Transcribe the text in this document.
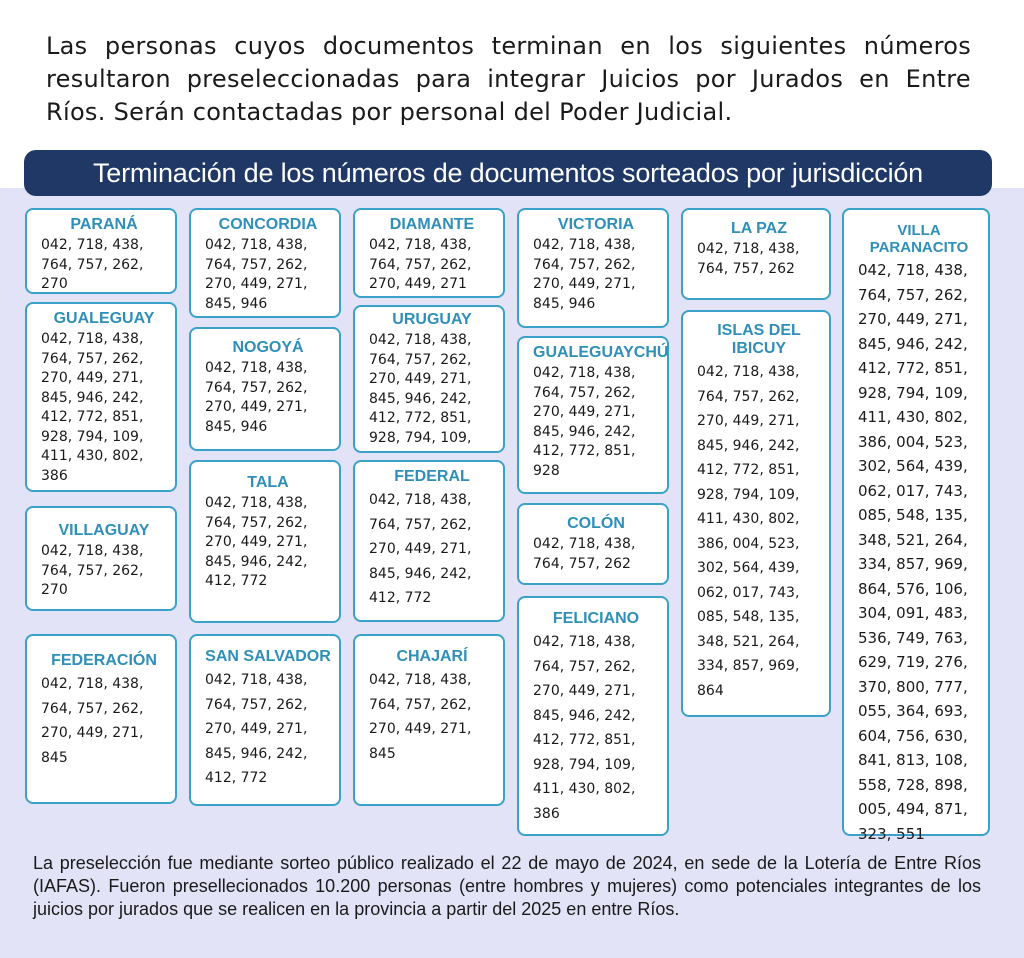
Las personas cuyos documentos terminan en los siguientes números resultaron preseleccionadas para integrar Juicios por Jurados en Entre Ríos. Serán contactadas por personal del Poder Judicial.
Terminación de los números de documentos sorteados por jurisdicción
PARANÁ
042, 718, 438, 764, 757, 262, 270
GUALEGUAY
042, 718, 438, 764, 757, 262, 270, 449, 271, 845, 946, 242, 412, 772, 851, 928, 794, 109, 411, 430, 802, 386
VILLAGUAY
042, 718, 438, 764, 757, 262, 270
FEDERACIÓN
042, 718, 438, 764, 757, 262, 270, 449, 271, 845
CONCORDIA
042, 718, 438, 764, 757, 262, 270, 449, 271, 845, 946
NOGOYÁ
042, 718, 438, 764, 757, 262, 270, 449, 271, 845, 946
TALA
042, 718, 438, 764, 757, 262, 270, 449, 271, 845, 946, 242, 412, 772
SAN SALVADOR
042, 718, 438, 764, 757, 262, 270, 449, 271, 845, 946, 242, 412, 772
DIAMANTE
042, 718, 438, 764, 757, 262, 270, 449, 271
URUGUAY
042, 718, 438, 764, 757, 262, 270, 449, 271, 845, 946, 242, 412, 772, 851, 928, 794, 109,
FEDERAL
042, 718, 438, 764, 757, 262, 270, 449, 271, 845, 946, 242, 412, 772
CHAJARÍ
042, 718, 438, 764, 757, 262, 270, 449, 271, 845
VICTORIA
042, 718, 438, 764, 757, 262, 270, 449, 271, 845, 946
GUALEGUAYCHÚ
042, 718, 438, 764, 757, 262, 270, 449, 271, 845, 946, 242, 412, 772, 851, 928
COLÓN
042, 718, 438, 764, 757, 262
FELICIANO
042, 718, 438, 764, 757, 262, 270, 449, 271, 845, 946, 242, 412, 772, 851, 928, 794, 109, 411, 430, 802, 386
LA PAZ
042, 718, 438, 764, 757, 262
ISLAS DEL IBICUY
042, 718, 438, 764, 757, 262, 270, 449, 271, 845, 946, 242, 412, 772, 851, 928, 794, 109, 411, 430, 802, 386, 004, 523, 302, 564, 439, 062, 017, 743, 085, 548, 135, 348, 521, 264, 334, 857, 969, 864
VILLA PARANACITO
042, 718, 438, 764, 757, 262, 270, 449, 271, 845, 946, 242, 412, 772, 851, 928, 794, 109, 411, 430, 802, 386, 004, 523, 302, 564, 439, 062, 017, 743, 085, 548, 135, 348, 521, 264, 334, 857, 969, 864, 576, 106, 304, 091, 483, 536, 749, 763, 629, 719, 276, 370, 800, 777, 055, 364, 693, 604, 756, 630, 841, 813, 108, 558, 728, 898, 005, 494, 871, 323, 551
La preselección fue mediante sorteo público realizado el 22 de mayo de 2024, en sede de la Lotería de Entre Ríos (IAFAS). Fueron presellecionados 10.200 personas (entre hombres y mujeres) como potenciales integrantes de los juicios por jurados que se realicen en la provincia a partir del 2025 en entre Ríos.
